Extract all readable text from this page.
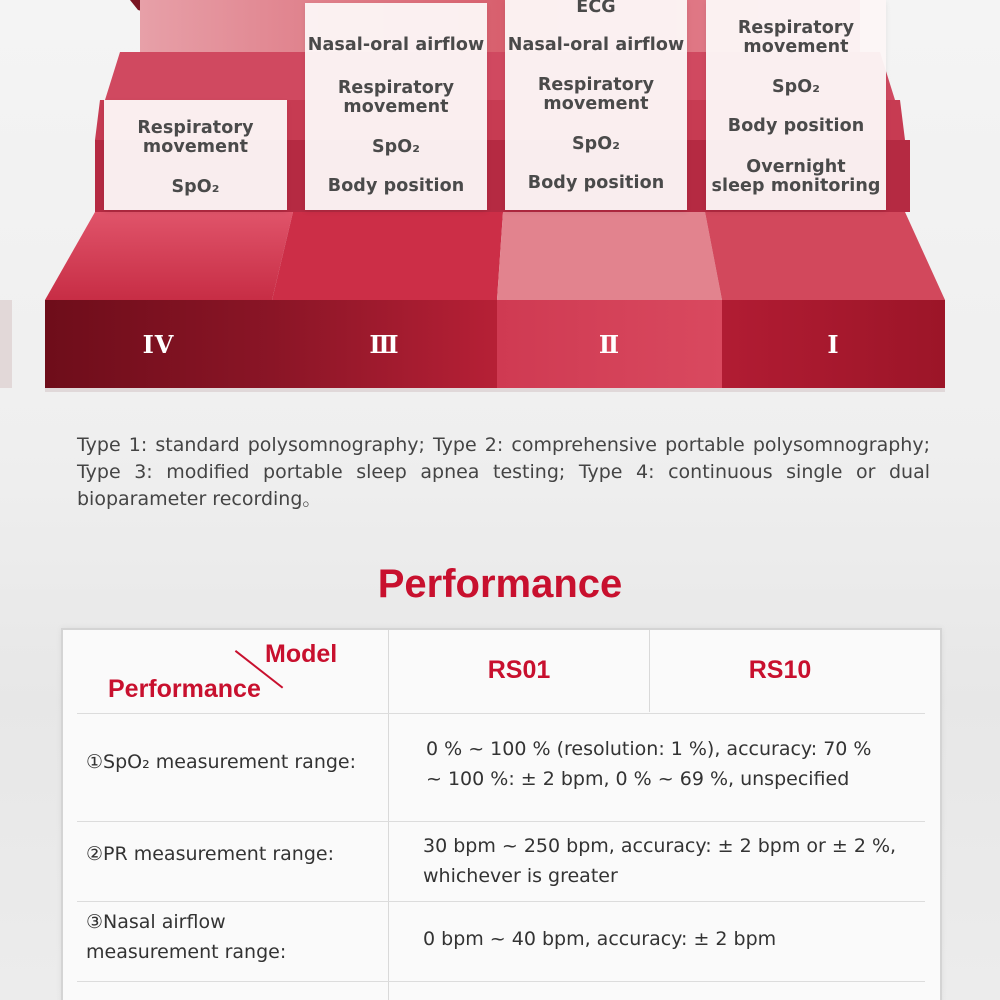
Respiratory
movement
SpO₂
Nasal-oral airflow
Respiratory
movement
SpO₂
Body position
ECG
Nasal-oral airflow
Respiratory
movement
SpO₂
Body position
Respiratory
movement
SpO₂
Body position
Overnight
sleep monitoring
IV	Ⅲ	Ⅱ	I

Type 1: standard polysomnography; Type 2: comprehensive portable polysomnography; Type 3: modified portable sleep apnea testing; Type 4: continuous single or dual bioparameter recording。

Performance
Model
Performance
RS01	RS10
①SpO₂ measurement range:
0 % ~ 100 % (resolution: 1 %), accuracy: 70 %
~ 100 %: ± 2 bpm, 0 % ~ 69 %, unspecified
②PR measurement range:	30 bpm ~ 250 bpm, accuracy: ± 2 bpm or ± 2 %,
whichever is greater
③Nasal airflow
measurement range:
0 bpm ~ 40 bpm, accuracy: ± 2 bpm
